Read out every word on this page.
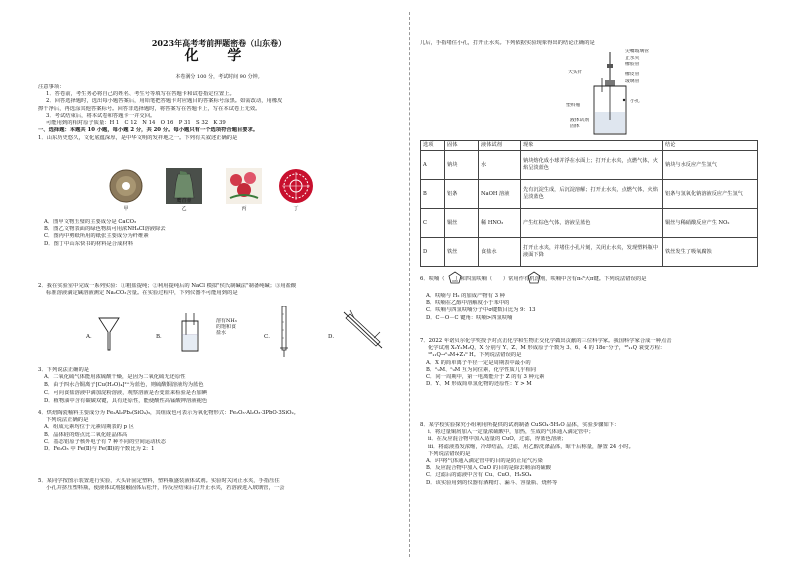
2023年高考考前押题密卷（山东卷）
化 学
本卷满分 100 分，考试时间 90 分钟。
注意事项：
1．答卷前，考生务必将自己的姓名、考生号等填写在答题卡和试卷指定位置上。
2．回答选择题时，选出每小题答案后，用铅笔把答题卡对应题目的答案标号涂黑。如需改动，用橡皮
擦干净后，再选涂其他答案标号。回答非选择题时，将答案写在答题卡上，写在本试卷上无效。
3．考试结束后，将本试卷和答题卡一并交回。
可能用到的相对原子质量：H 1　C 12　N 14　O 16　P 31　S 32　K 39
一、选择题：本题共 10 小题，每小题 2 分，共 20 分。每小题只有一个选项符合题目要求。
1．山东历史悠久，文化底蕴深厚，是中华文明的发祥地之一。下列有关叙述正确的是
甲
鹰首壶
乙	丙	丁
A．图甲文物玉璧的主要成分是 CaCO₃
B．图乙文物表面的绿色物质可用浓NH₄Cl溶液除去
C．图丙中剪纸所用的纸张主要成分为纤维素
D．图丁中山东快书的材料是合成材料
2．我在实验室中完成一系列实验：①粗盐提纯；②利用提纯后的 NaCl 模拟"侯氏制碱法"制备纯碱；③用盐酸
标准溶液滴定碱溶液测定 Na₂CO₃含量。在实验过程中，下列仪器不可能用到的是
A．	B．
溶有NH₃
的饱和食
盐水
C．	D．
3．下列说法正确的是
A．二氧化硫气体能用浓硫酸干燥，是因为二氧化硫无还原性
B．由于四水合铜离子[Cu(H₂O)₄]²⁺为蓝色，则硫酸铜溶液均为蓝色
C．可向食盐溶液中滴加淀粉溶液，观察溶液是否变蓝来检验是否加碘
D．植物油中含有碳碳双键，具有还原性，能使酸性高锰酸钾溶液褪色
4．烘焙陶瓷釉料主要成分为 Fe₂Al₂Pb₂(SiO₄)₃，其组成也可表示为氧化物形式：Fe₂O₃·Al₂O₃·3PbO·3SiO₂。
下列说法正确的是
A．组成元素均位于元素周期表的 p 区
B．晶体硅的熔点比二氧化硅晶体高
C．基态铝原子核外电子有 7 种不同的空间运动状态
D．Fe₂O₃ 中 Fe(Ⅱ)与 Fe(Ⅲ)的个数比为 2：1
5．某同学按图示装置进行实验，大头针固定塑料，塑料瓶盛装液体试剂。实验时关闭止水夹，手指压住
小孔并挤压塑料瓶，使液体试剂接触固体后松开，待反应结束后打开止水夹，若溶液进入玻璃管，一会
儿后，手指堵住小孔，打开止水夹。下列依据实验现象得出的结论正确的是
尖嘴玻璃管
止水夹
橡胶管
大头针	橡皮管
玻璃管
塑料瓶
小孔
液体试剂
固体
选项	固体	液体试剂	现象	结论
A	钠块	水	钠块熔化成小球并浮在水面上；打开止水夹，点燃气体，火焰呈淡蓝色	钠块与水反应产生氢气
B	铝条	NaOH 溶液	先有沉淀生成，后沉淀溶解；打开止水夹，点燃气体，火焰呈淡蓝色	铝条与氢氧化钠溶液反应产生氢气
C	铜丝	稀 HNO₃	产生红棕色气体，溶液呈蓝色	铜丝与稀硝酸反应产生 NO₂
D	铁丝	食盐水	打开止水夹，并堵住小孔片刻，关闭止水夹，发现塑料瓶中液面下降	铁丝发生了吸氧腐蚀
6．呋喃（　　）和四氢呋喃（　　）常用作有机溶剂，呋喃中含有π₅⁶大π键。下列说法错误的是
A．呋喃与 H₂ 的加成产物有 3 种
B．呋喃在乙醇中溶解度小于苯中的
C．呋喃与四氢呋喃分子中σ键数目比为 9：13
D．C－O－C 键角：呋喃>四氢呋喃
7．2022 年诺贝尔化学奖授予对点击化学和生物正交化学做出贡献的三位科学家。我国科学家合成一种点击
化学试剂 X₂Y₂M₂Q，X 分别与 Y、Z、M 形成原子个数为 3、6、4 的 18e⁻分子，¹⁸₁₁Q 衰变方程：
¹⁸₁₁Q→ⁿ₉M+Z₁⁰ H。下列说法错误的是
A．X 的简单离子半径一定是周期表中最小的
B．ⁿ₉M、ⁿ₉M 互为同位素，化学性质几乎相同
C．同一周期中，第一电离能介于 Z 的有 3 种元素
D．Y、M 形成简单氢化物的还原性：Y > M
8．某学校实验探究小组利用所提供的试剂制备 CuSO₄·5H₂O 晶体，实验步骤如下：
ⅰ．将过量铜屑加入一定量浓硫酸中，加热，生成的气体通入滴定管中；
ⅱ．在反应混合物中加入适量的 CuO，过滤，得蓝色溶液；
ⅲ．将滤液蒸发浓缩，冷却结晶，过滤，用乙醇洗涤晶体，晾干后称量，静置 24 小时。
下列说法错误的是
A．ⅰ中将气体通入滴定管中的目的是防止尾气污染
B．反应混合物中加入 CuO 的目的是除去剩余的硫酸
C．过滤后的滤液中含有 Cu、CuO、H₂SO₄
D．该实验用到的仪器有酒精灯、漏斗、容量瓶、烧杯等
